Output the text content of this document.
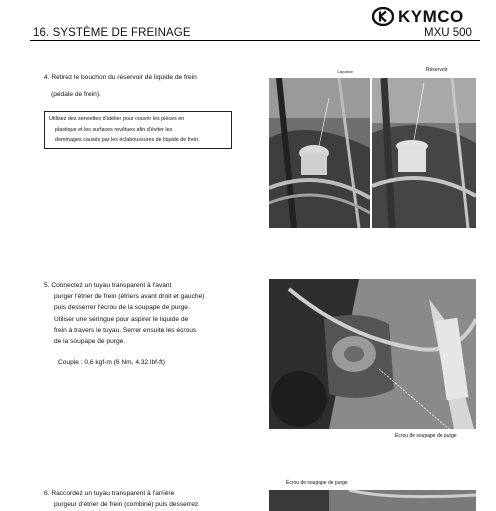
16. SYSTÈME DE FREINAGE
KYMCO
MXU 500
4. Retirez le bouchon du réservoir de liquide de frein
(pédale de frein).
Utilisez des serviettes d'atelier pour couvrir les pièces en
plastique et les surfaces revêtues afin d'éviter les
dommages causés par les éclaboussures de liquide de frein.
Capuchon	Réservoir
5. Connectez un tuyau transparent à l'avant
purger l'étrier de frein (étriers avant droit et gauche)
puis desserrer l'écrou de la soupape de purge.
Utiliser une seringue pour aspirer le liquide de
frein à travers le tuyau. Serrer ensuite les écrous
de la soupape de purge.
Couple : 0,6 kgf-m (6 Nm, 4,32 lbf-ft)
Écrou de soupape de purge
6. Raccordez un tuyau transparent à l'arrière
purgeur d'étrier de frein (combiné) puis desserrez
Écrou de soupape de purge
